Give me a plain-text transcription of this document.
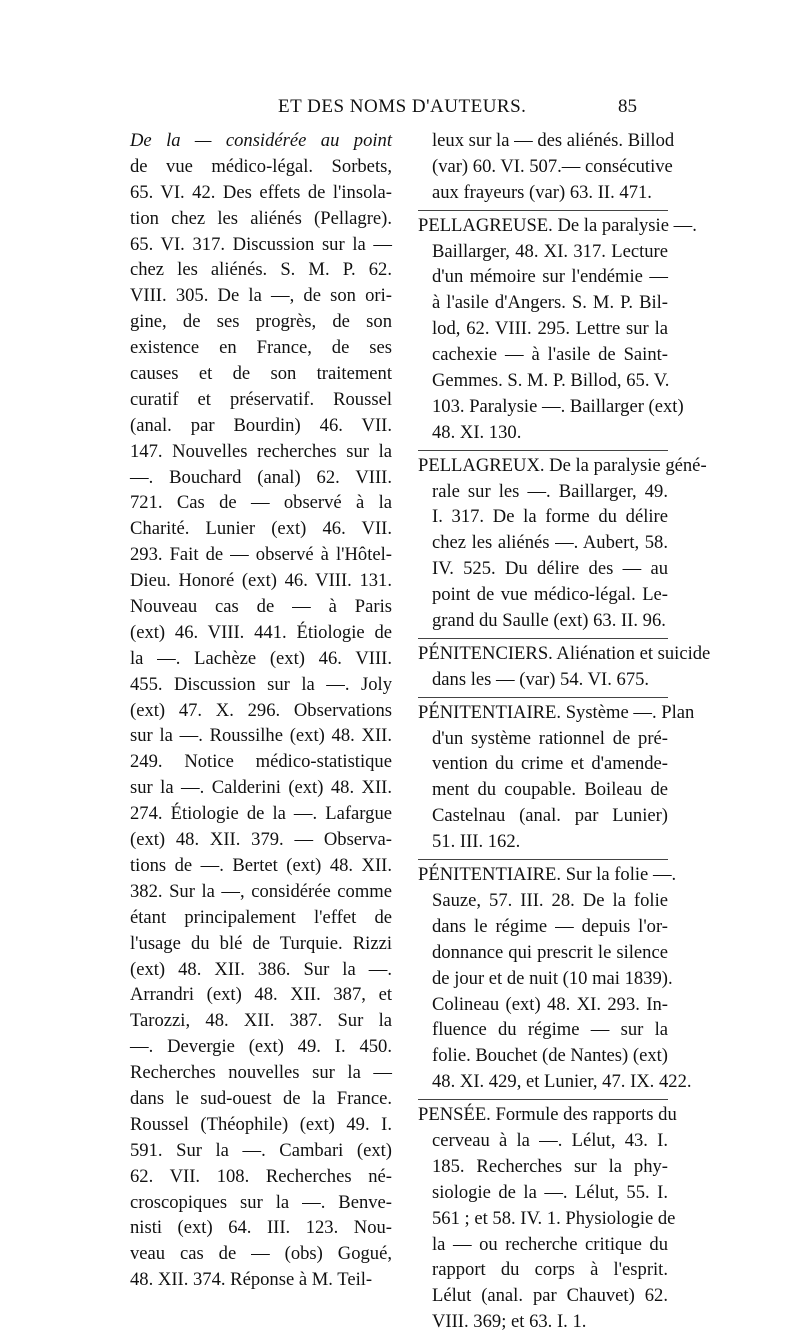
ET DES NOMS D'AUTEURS.	85
De la — considérée au point
de vue médico-légal. Sorbets,
65. VI. 42. Des effets de l'insola-
tion chez les aliénés (Pellagre).
65. VI. 317. Discussion sur la —
chez les aliénés. S. M. P. 62.
VIII. 305. De la —, de son ori-
gine, de ses progrès, de son
existence en France, de ses
causes et de son traitement
curatif et préservatif. Roussel
(anal. par Bourdin) 46. VII.
147. Nouvelles recherches sur la
—. Bouchard (anal) 62. VIII.
721. Cas de — observé à la
Charité. Lunier (ext) 46. VII.
293. Fait de — observé à l'Hôtel-
Dieu. Honoré (ext) 46. VIII. 131.
Nouveau cas de — à Paris
(ext) 46. VIII. 441. Étiologie de
la —. Lachèze (ext) 46. VIII.
455. Discussion sur la —. Joly
(ext) 47. X. 296. Observations
sur la —. Roussilhe (ext) 48. XII.
249. Notice médico-statistique
sur la —. Calderini (ext) 48. XII.
274. Étiologie de la —. Lafargue
(ext) 48. XII. 379. — Observa-
tions de —. Bertet (ext) 48. XII.
382. Sur la —, considérée comme
étant principalement l'effet de
l'usage du blé de Turquie. Rizzi
(ext) 48. XII. 386. Sur la —.
Arrandri (ext) 48. XII. 387, et
Tarozzi, 48. XII. 387. Sur la
—. Devergie (ext) 49. I. 450.
Recherches nouvelles sur la —
dans le sud-ouest de la France.
Roussel (Théophile) (ext) 49. I.
591. Sur la —. Cambari (ext)
62. VII. 108. Recherches né-
croscopiques sur la —. Benve-
nisti (ext) 64. III. 123. Nou-
veau cas de — (obs) Gogué,
48. XII. 374. Réponse à M. Teil-
leux sur la — des aliénés. Billod
(var) 60. VI. 507.— consécutive
aux frayeurs (var) 63. II. 471.
PELLAGREUSE. De la paralysie —.
Baillarger, 48. XI. 317. Lecture
d'un mémoire sur l'endémie —
à l'asile d'Angers. S. M. P. Bil-
lod, 62. VIII. 295. Lettre sur la
cachexie — à l'asile de Saint-
Gemmes. S. M. P. Billod, 65. V.
103. Paralysie —. Baillarger (ext)
48. XI. 130.
PELLAGREUX. De la paralysie géné-
rale sur les —. Baillarger, 49.
I. 317. De la forme du délire
chez les aliénés —. Aubert, 58.
IV. 525. Du délire des — au
point de vue médico-légal. Le-
grand du Saulle (ext) 63. II. 96.
PÉNITENCIERS. Aliénation et suicide
dans les — (var) 54. VI. 675.
PÉNITENTIAIRE. Système —. Plan
d'un système rationnel de pré-
vention du crime et d'amende-
ment du coupable. Boileau de
Castelnau (anal. par Lunier)
51. III. 162.
PÉNITENTIAIRE. Sur la folie —.
Sauze, 57. III. 28. De la folie
dans le régime — depuis l'or-
donnance qui prescrit le silence
de jour et de nuit (10 mai 1839).
Colineau (ext) 48. XI. 293. In-
fluence du régime — sur la
folie. Bouchet (de Nantes) (ext)
48. XI. 429, et Lunier, 47. IX. 422.
PENSÉE. Formule des rapports du
cerveau à la —. Lélut, 43. I.
185. Recherches sur la phy-
siologie de la —. Lélut, 55. I.
561 ; et 58. IV. 1. Physiologie de
la — ou recherche critique du
rapport du corps à l'esprit.
Lélut (anal. par Chauvet) 62.
VIII. 369; et 63. I. 1.
